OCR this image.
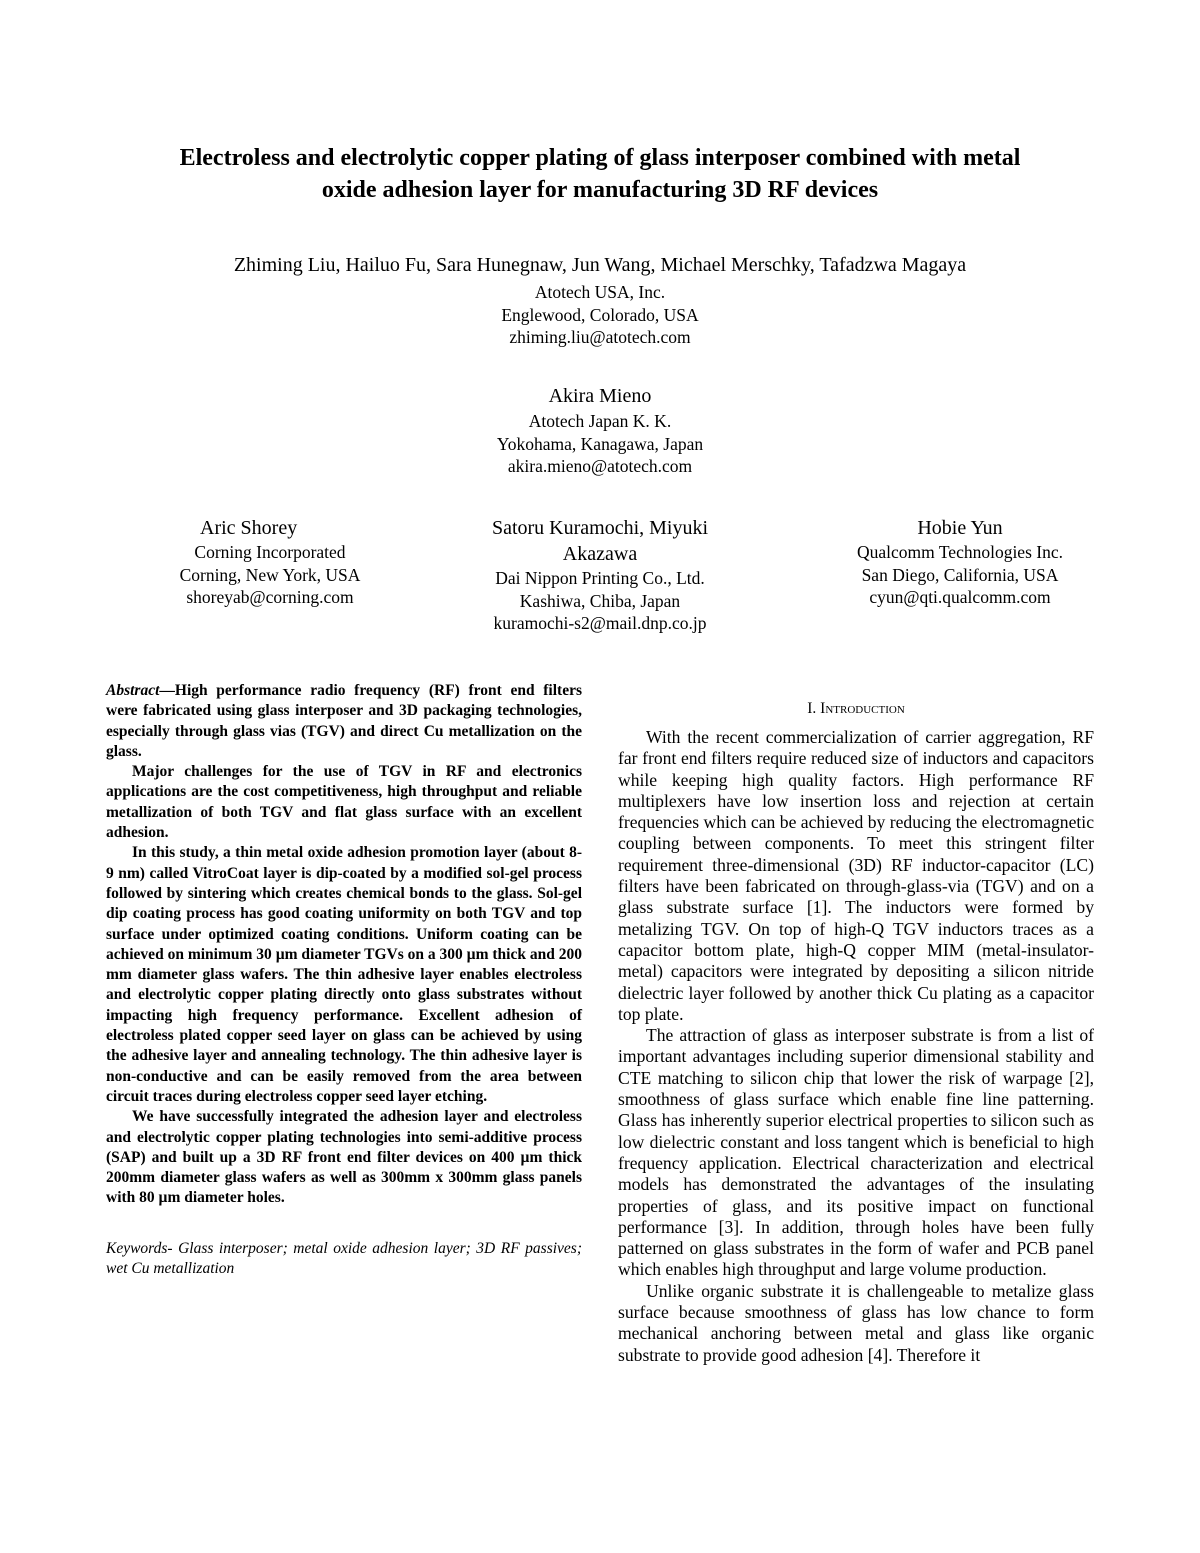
Electroless and electrolytic copper plating of glass interposer combined with metal
oxide adhesion layer for manufacturing 3D RF devices
Zhiming Liu, Hailuo Fu, Sara Hunegnaw, Jun Wang, Michael Merschky, Tafadzwa Magaya
Atotech USA, Inc.
Englewood, Colorado, USA
zhiming.liu@atotech.com
Akira Mieno
Atotech Japan K. K.
Yokohama, Kanagawa, Japan
akira.mieno@atotech.com
Aric Shorey
Corning Incorporated
Corning, New York, USA
shoreyab@corning.com
Satoru Kuramochi, Miyuki
Akazawa
Dai Nippon Printing Co., Ltd.
Kashiwa, Chiba, Japan
kuramochi-s2@mail.dnp.co.jp
Hobie Yun
Qualcomm Technologies Inc.
San Diego, California, USA
cyun@qti.qualcomm.com

Abstract—High performance radio frequency (RF) front end filters were fabricated using glass interposer and 3D packaging technologies, especially through glass vias (TGV) and direct Cu metallization on the glass.

Major challenges for the use of TGV in RF and electronics applications are the cost competitiveness, high throughput and reliable metallization of both TGV and flat glass surface with an excellent adhesion.

In this study, a thin metal oxide adhesion promotion layer (about 8-9 nm) called VitroCoat layer is dip-coated by a modified sol-gel process followed by sintering which creates chemical bonds to the glass. Sol-gel dip coating process has good coating uniformity on both TGV and top surface under optimized coating conditions. Uniform coating can be achieved on minimum 30 µm diameter TGVs on a 300 µm thick and 200 mm diameter glass wafers. The thin adhesive layer enables electroless and electrolytic copper plating directly onto glass substrates without impacting high frequency performance. Excellent adhesion of electroless plated copper seed layer on glass can be achieved by using the adhesive layer and annealing technology. The thin adhesive layer is non-conductive and can be easily removed from the area between circuit traces during electroless copper seed layer etching.

We have successfully integrated the adhesion layer and electroless and electrolytic copper plating technologies into semi-additive process (SAP) and built up a 3D RF front end filter devices on 400 µm thick 200mm diameter glass wafers as well as 300mm x 300mm glass panels with 80 µm diameter holes.

Keywords- Glass interposer; metal oxide adhesion layer; 3D RF passives; wet Cu metallization

I. Introduction

With the recent commercialization of carrier aggregation, RF far front end filters require reduced size of inductors and capacitors while keeping high quality factors. High performance RF multiplexers have low insertion loss and rejection at certain frequencies which can be achieved by reducing the electromagnetic coupling between components. To meet this stringent filter requirement three-dimensional (3D) RF inductor-capacitor (LC) filters have been fabricated on through-glass-via (TGV) and on a glass substrate surface [1]. The inductors were formed by metalizing TGV. On top of high-Q TGV inductors traces as a capacitor bottom plate, high-Q copper MIM (metal-insulator-metal) capacitors were integrated by depositing a silicon nitride dielectric layer followed by another thick Cu plating as a capacitor top plate.

The attraction of glass as interposer substrate is from a list of important advantages including superior dimensional stability and CTE matching to silicon chip that lower the risk of warpage [2], smoothness of glass surface which enable fine line patterning. Glass has inherently superior electrical properties to silicon such as low dielectric constant and loss tangent which is beneficial to high frequency application. Electrical characterization and electrical models has demonstrated the advantages of the insulating properties of glass, and its positive impact on functional performance [3]. In addition, through holes have been fully patterned on glass substrates in the form of wafer and PCB panel which enables high throughput and large volume production.

Unlike organic substrate it is challengeable to metalize glass surface because smoothness of glass has low chance to form mechanical anchoring between metal and glass like organic substrate to provide good adhesion [4]. Therefore it
